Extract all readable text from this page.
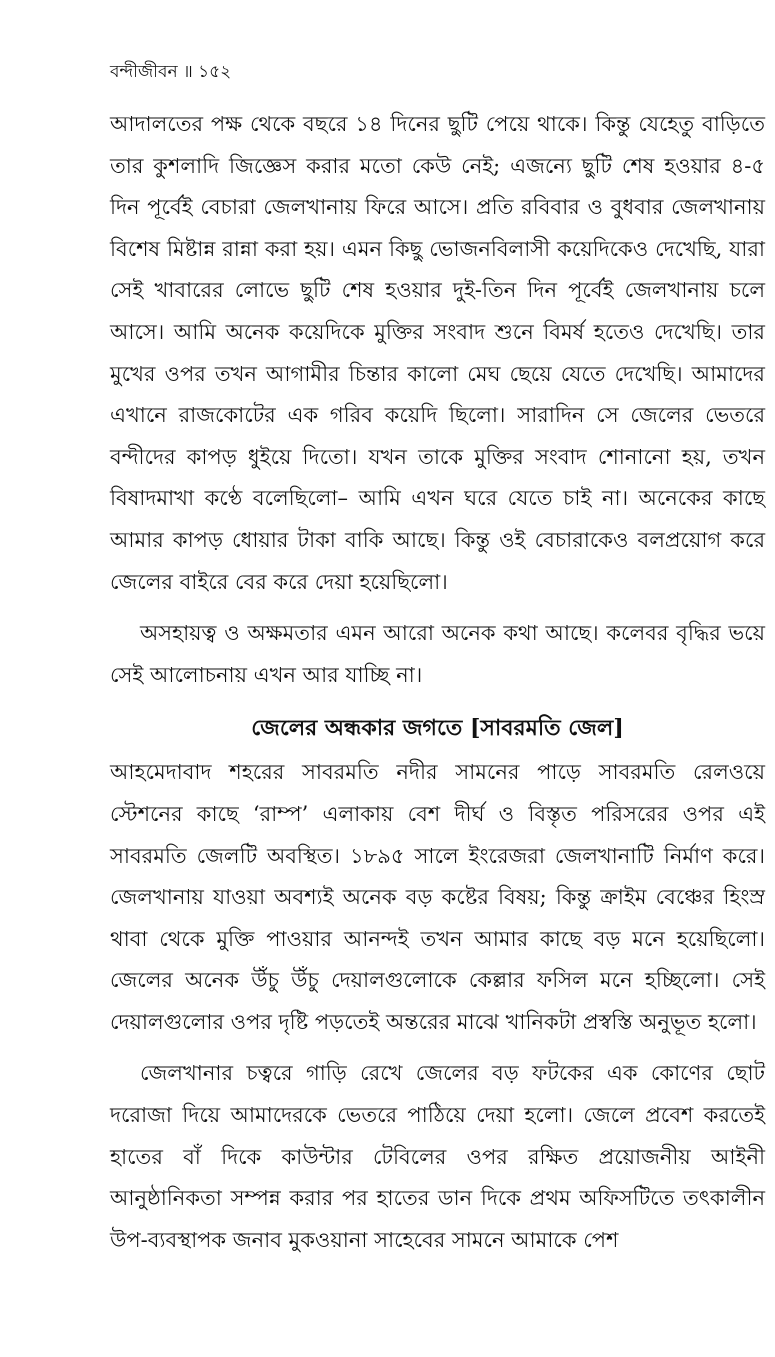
বন্দীজীবন ॥ ১৫২

আদালতের পক্ষ থেকে বছরে ১৪ দিনের ছুটি পেয়ে থাকে। কিন্তু যেহেতু বাড়িতে তার কুশলাদি জিজ্ঞেস করার মতো কেউ নেই; এজন্যে ছুটি শেষ হওয়ার ৪-৫ দিন পূর্বেই বেচারা জেলখানায় ফিরে আসে। প্রতি রবিবার ও বুধবার জেলখানায় বিশেষ মিষ্টান্ন রান্না করা হয়। এমন কিছু ভোজনবিলাসী কয়েদিকেও দেখেছি, যারা সেই খাবারের লোভে ছুটি শেষ হওয়ার দুই-তিন দিন পূর্বেই জেলখানায় চলে আসে। আমি অনেক কয়েদিকে মুক্তির সংবাদ শুনে বিমর্ষ হতেও দেখেছি। তার মুখের ওপর তখন আগামীর চিন্তার কালো মেঘ ছেয়ে যেতে দেখেছি। আমাদের এখানে রাজকোটের এক গরিব কয়েদি ছিলো। সারাদিন সে জেলের ভেতরে বন্দীদের কাপড় ধুইয়ে দিতো। যখন তাকে মুক্তির সংবাদ শোনানো হয়, তখন বিষাদমাখা কণ্ঠে বলেছিলো– আমি এখন ঘরে যেতে চাই না। অনেকের কাছে আমার কাপড় ধোয়ার টাকা বাকি আছে। কিন্তু ওই বেচারাকেও বলপ্রয়োগ করে জেলের বাইরে বের করে দেয়া হয়েছিলো।

অসহায়ত্ব ও অক্ষমতার এমন আরো অনেক কথা আছে। কলেবর বৃদ্ধির ভয়ে সেই আলোচনায় এখন আর যাচ্ছি না।

জেলের অন্ধকার জগতে [সাবরমতি জেল]

আহমেদাবাদ শহরের সাবরমতি নদীর সামনের পাড়ে সাবরমতি রেলওয়ে স্টেশনের কাছে ‘রাম্প’ এলাকায় বেশ দীর্ঘ ও বিস্তৃত পরিসরের ওপর এই সাবরমতি জেলটি অবস্থিত। ১৮৯৫ সালে ইংরেজরা জেলখানাটি নির্মাণ করে। জেলখানায় যাওয়া অবশ্যই অনেক বড় কষ্টের বিষয়; কিন্তু ক্রাইম বেঞ্চের হিংস্র থাবা থেকে মুক্তি পাওয়ার আনন্দই তখন আমার কাছে বড় মনে হয়েছিলো। জেলের অনেক উঁচু উঁচু দেয়ালগুলোকে কেল্লার ফসিল মনে হচ্ছিলো। সেই দেয়ালগুলোর ওপর দৃষ্টি পড়তেই অন্তরের মাঝে খানিকটা প্রস্বস্তি অনুভূত হলো।

জেলখানার চত্বরে গাড়ি রেখে জেলের বড় ফটকের এক কোণের ছোট দরোজা দিয়ে আমাদেরকে ভেতরে পাঠিয়ে দেয়া হলো। জেলে প্রবেশ করতেই হাতের বাঁ দিকে কাউন্টার টেবিলের ওপর রক্ষিত প্রয়োজনীয় আইনী আনুষ্ঠানিকতা সম্পন্ন করার পর হাতের ডান দিকে প্রথম অফিসটিতে তৎকালীন উপ-ব্যবস্থাপক জনাব মুকওয়ানা সাহেবের সামনে আমাকে পেশ
